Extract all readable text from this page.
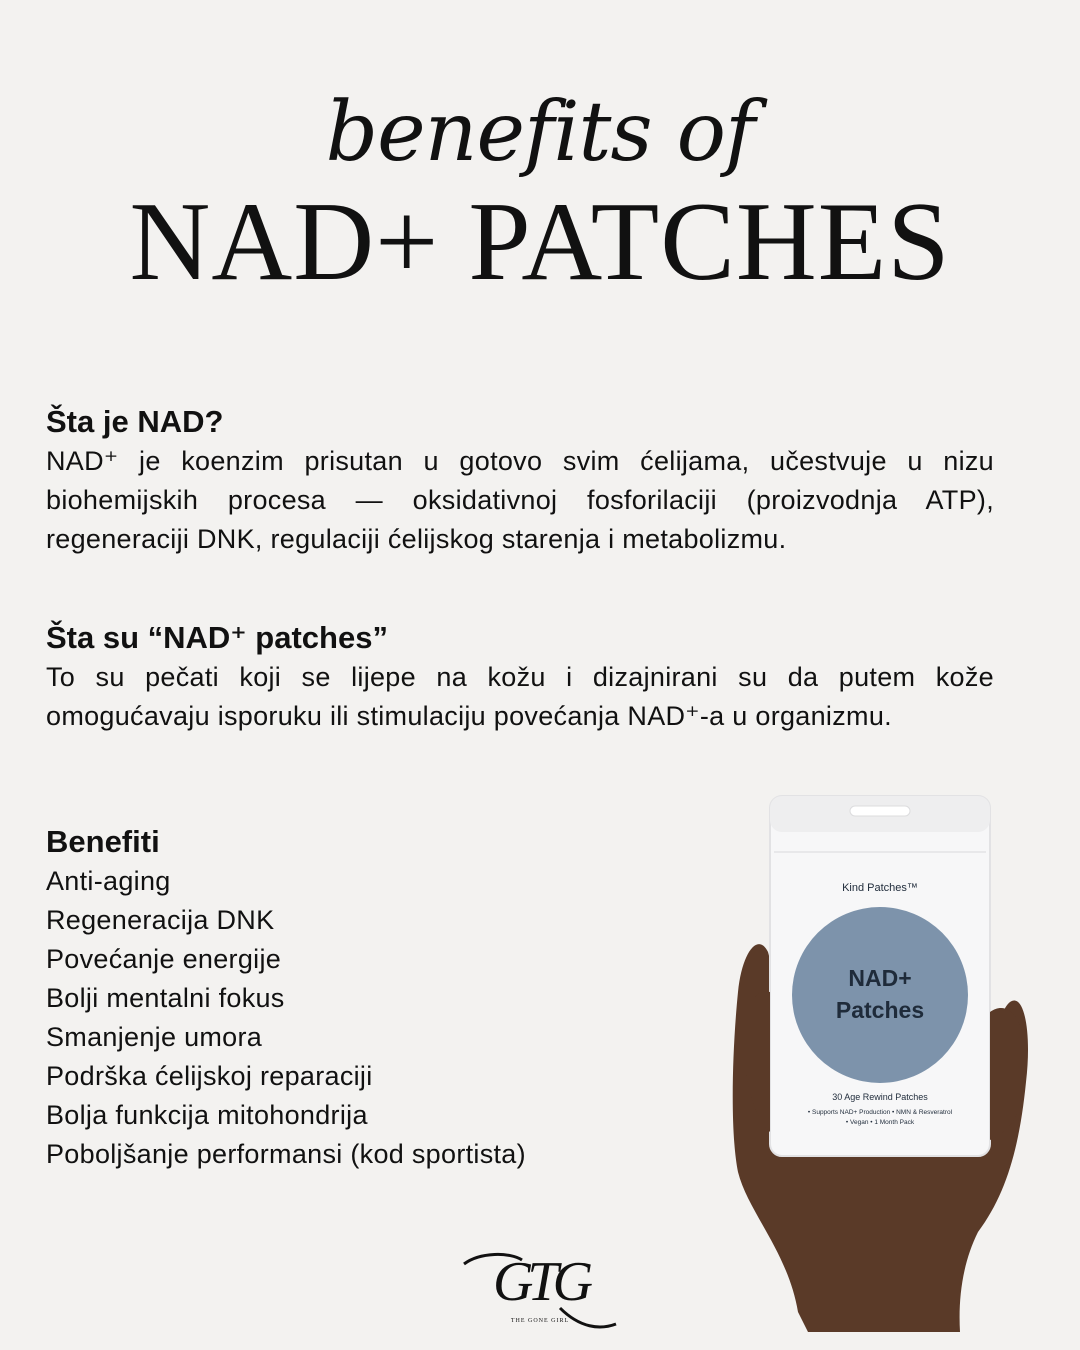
benefits of
NAD+ PATCHES

Šta je NAD?

NAD⁺ je koenzim prisutan u gotovo svim ćelijama, učestvuje u nizu biohemijskih procesa — oksidativnoj fosforilaciji (proizvodnja ATP), regeneraciji DNK, regulaciji ćelijskog starenja i metabolizmu.

Šta su “NAD⁺ patches”

To su pečati koji se lijepe na kožu i dizajnirani su da putem kože omogućavaju isporuku ili stimulaciju povećanja NAD⁺-a u organizmu.

Benefiti

Anti-aging
Regeneracija DNK
Povećanje energije
Bolji mentalni fokus
Smanjenje umora
Podrška ćelijskoj reparaciji
Bolja funkcija mitohondrija
Poboljšanje performansi (kod sportista)
Kind Patches™
NAD+
Patches
30 Age Rewind Patches
• Supports NAD+ Production • NMN & Resveratrol
• Vegan • 1 Month Pack
GTG
THE GONE GIRL
